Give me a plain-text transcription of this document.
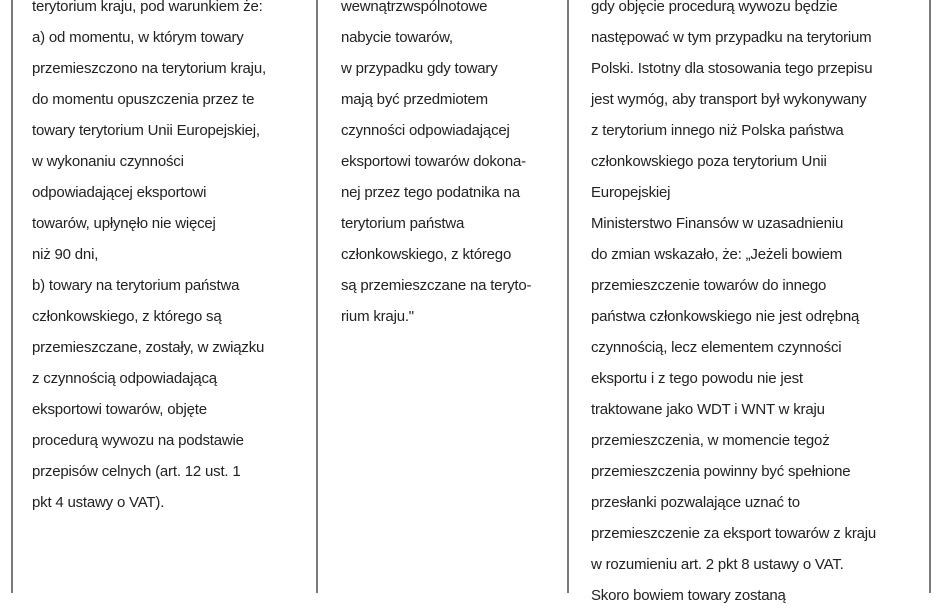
terytorium kraju, pod warunkiem że:
a) od momentu, w którym towary
przemieszczono na terytorium kraju,
do momentu opuszczenia przez te
towary terytorium Unii Europejskiej,
w wykonaniu czynności
odpowiadającej eksportowi
towarów, upłynęło nie więcej
niż 90 dni,
b) towary na terytorium państwa
członkowskiego, z którego są
przemieszczane, zostały, w związku
z czynnością odpowiadającą
eksportowi towarów, objęte
procedurą wywozu na podstawie
przepisów celnych (art. 12 ust. 1
pkt 4 ustawy o VAT).
wewnątrzwspólnotowe
nabycie towarów,
w przypadku gdy towary
mają być przedmiotem
czynności odpowiadającej
eksportowi towarów dokona-
nej przez tego podatnika na
terytorium państwa
członkowskiego, z którego
są przemieszczane na teryto-
rium kraju."
gdy objęcie procedurą wywozu będzie
następować w tym przypadku na terytorium
Polski. Istotny dla stosowania tego przepisu
jest wymóg, aby transport był wykonywany
z terytorium innego niż Polska państwa
członkowskiego poza terytorium Unii
Europejskiej
Ministerstwo Finansów w uzasadnieniu
do zmian wskazało, że: „Jeżeli bowiem
przemieszczenie towarów do innego
państwa członkowskiego nie jest odrębną
czynnością, lecz elementem czynności
eksportu i z tego powodu nie jest
traktowane jako WDT i WNT w kraju
przemieszczenia, w momencie tegoż
przemieszczenia powinny być spełnione
przesłanki pozwalające uznać to
przemieszczenie za eksport towarów z kraju
w rozumieniu art. 2 pkt 8 ustawy o VAT.
Skoro bowiem towary zostaną
